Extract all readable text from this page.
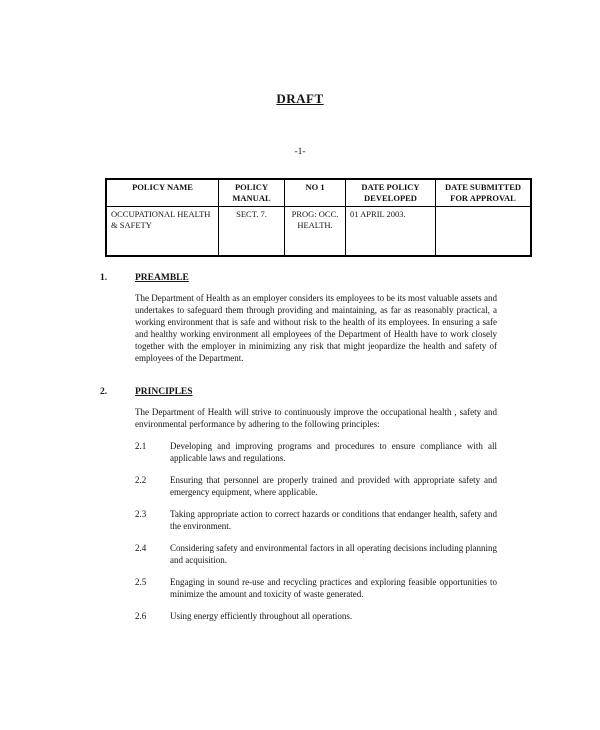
DRAFT
-1-
POLICY NAME	POLICY MANUAL	NO 1	DATE POLICY DEVELOPED	DATE SUBMITTED FOR APPROVAL
OCCUPATIONAL HEALTH & SAFETY	SECT. 7.	PROG: OCC. HEALTH.	01 APRIL 2003.	
1.	PREAMBLE
The Department of Health as an employer considers its employees to be its most valuable assets and undertakes to safeguard them through providing and maintaining, as far as reasonably practical, a working environment that is safe and without risk to the health of its employees. In ensuring a safe and healthy working environment all employees of the Department of Health have to work closely together with the employer in minimizing any risk that might jeopardize the health and safety of employees of the Department.
2.	PRINCIPLES
The Department of Health will strive to continuously improve the occupational health , safety and environmental performance by adhering to the following principles:
2.1	Developing and improving programs and procedures to ensure compliance with all applicable laws and regulations.
2.2	Ensuring that personnel are properly trained and provided with appropriate safety and emergency equipment, where applicable.
2.3	Taking appropriate action to correct hazards or conditions that endanger health, safety and the environment.
2.4	Considering safety and environmental factors in all operating decisions including planning and acquisition.
2.5	Engaging in sound re-use and recycling practices and exploring feasible opportunities to minimize the amount and toxicity of waste generated.
2.6	Using energy efficiently throughout all operations.
